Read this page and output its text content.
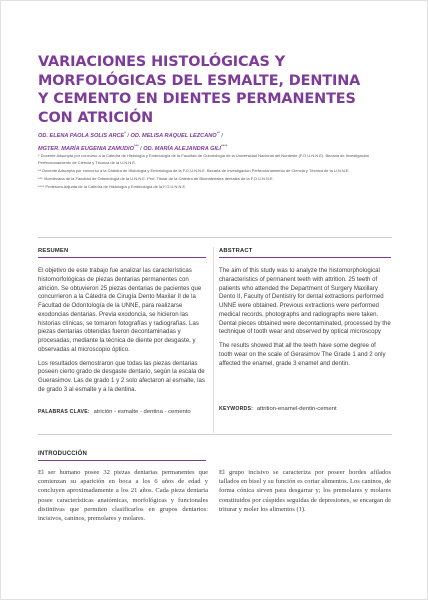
VARIACIONES HISTOLÓGICAS Y MORFOLÓGICAS DEL ESMALTE, DENTINA Y CEMENTO EN DIENTES PERMANENTES CON ATRICIÓN
OD. ELENA PAOLA SOLIS ARCE* / OD. MELISA RAQUEL LEZCANO** /
MGTER. MARÍA EUGENIA ZAMUDIO*** / OD. MARÍA ALEJANDRA GILI****

* Docente Adscripta por concurso a la Cátedra de Histología y Embriología de la Facultad de Odontología de la Universidad Nacional del Nordeste (F.O.U.N.N.E). Becaria de Investigación Perfeccionamiento de Ciencia y Técnica de la U.N.N.E.

** Docente Adscripta por concurso a la Cátedra de Histología y Embriología de la F.O.U.N.N.E. Becaria de Investigación Perfeccionamiento de Ciencia y Técnica de la U.N.N.E.

*** Vicedecana de la Facultad de Odontología de la U.N.N.E. Prof. Titular de la Cátedra de Biomateriales dentales de la F.O.U.N.N.E.

**** Profesora Adjunta de la Cátedra de Histología y Embriología de la F.O.U.N.N.E.

RESUMEN	ABSTRACT

El objetivo de este trabajo fue analizar las características histomorfológicas de piezas dentarias permanentes con atrición. Se obtuvieron 25 piezas dentarias de pacientes que concurrieron a la Cátedra de Cirugía Dento Maxilar II de la Facultad de Odontología de la UNNE, para realizarse exodoncias dentarias. Previa exodoncia, se hicieron las historias clínicas, se tomaron fotografías y radiografías. Las piezas dentarias obtenidas fueron decontaminadas y procesadas, mediante la técnica de diente por desgaste, y observadas al microscopio óptico.

Los resultados demostraron que todas las piezas dentarias poseen cierto grado de desgaste dentario, según la escala de Guerasimov. Las de grado 1 y 2 solo afectaron al esmalte, las de grado 3 al esmalte y a la dentina.

The aim of this study was to analyze the histomorphological characteristics of permanent teeth with attrition. 25 teeth of patients who attended the Department of Surgery Maxillary Dento II, Faculty of Dentistry for dental extractions performed UNNE were obtained. Previous extractions were performed medical records, photographs and radiographs were taken. Dental pieces obtained were decontaminated, processed by the technique of tooth wear and observed by optical microscopy

The results showed that all the teeth have some degree of tooth wear on the scale of Gerasimov The Grade 1 and 2 only affected the enamel, grade 3 enamel and dentin.

PALABRAS CLAVE: atrición - esmalte - dentina - cemento	KEYWORDS: attrition-enamel-dentin-cement
INTRODUCCIÓN
El ser humano posee 32 piezas dentarias permanentes que comienzan su aparición en boca a los 6 años de edad y concluyen aproximadamente a los 21 años. Cada pieza dentaria posee características anatómicas, morfológicas y funcionales distintivas que permiten clasificarlos en grupos dentarios: incisivos, caninos, premolares y molares.
El grupo incisivo se caracteriza por poseer bordes afilados tallados en bisel y su función es cortar alimentos. Los caninos, de forma cónica sirven para desgarrar y; los premolares y molares constituidos por cúspides seguidas de depresiones, se encargan de triturar y moler los alimentos (1).
